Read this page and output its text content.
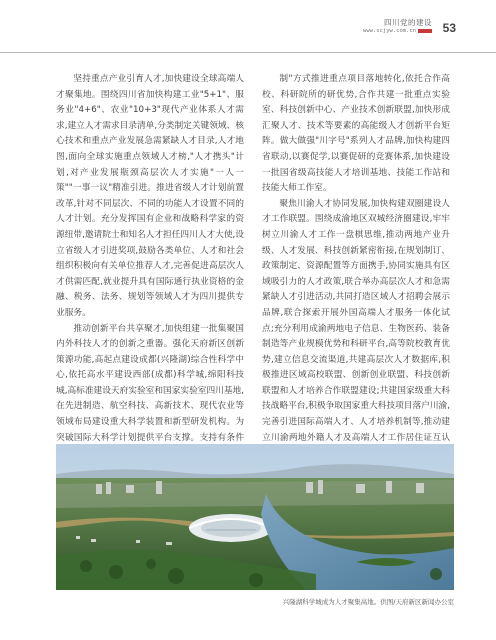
四川党的建设
www.scjyw.com.cn	53

坚持重点产业引育人才,加快建设全球高端人才聚集地。围绕四川省加快构建工业"5+1"、服务业"4+6"、农业"10+3"现代产业体系人才需求,建立人才需求目录清单,分类制定关键领域、核心技术和重点产业发展急需紧缺人才目录,人才地图,面向全球实施重点领域人才榜,"人才携头"计划,对产业发展瓶颈高层次人才实施"一人一策""一事一议"精准引进。推进省级人才计划前置改革,针对不同层次、不同的功能人才设置不同的人才计划。充分发挥国有企业和战略科学家的资源纽带,邀请院士和知名人才担任四川人才大使,设立省级人才引进奖项,鼓励各类单位、人才和社会组织积极向有关单位推荐人才,完善促进高层次人才供需匹配,就业提升具有国际通行执业资格的金融、税务、法务、规划等领域人才为四川提供专业服务。

推动创新平台共享聚才,加快组建一批集聚国内外科技人才的创新之重器。强化天府新区创新策源功能,高起点建设成都(兴隆湖)综合性科学中心,依托高水平建设西部(成都)科学城,绵阳科技城,高标准建设天府实验室和国家实验室四川基地,在先进制造、航空科技、高新技术、现代农业等领域布局建设重大科学装置和新型研发机构。为突破国际大科学计划提供平台支撑。支持有条件

制"方式推进重点项目落地转化,依托合作高校、科研院所的研优势,合作共建一批重点实验室、科技创新中心、产业技术创新联盟,加快形成汇聚人才、技术等要素的高能级人才创新平台矩阵。做大做强"川字号"系列人才品牌,加快构建四省联动,以赛促学,以赛促研的竞赛体系,加快建设一批国省级高技能人才培训基地、技能工作站和技能大师工作室。

聚焦川渝人才协同发展,加快构建双圈建设人才工作联盟。围绕成渝地区双城经济圈建设,牢牢树立川渝人才工作一盘棋思维,推动两地产业升级、人才发展、科技创新紧密衔接,在规划制订、政策制定、资源配置等方面携手,协同实施具有区域吸引力的人才政策,联合举办高层次人才和急需紧缺人才引进活动,共同打造区域人才招聘会展示品牌,联合探索开展外国高端人才服务一体化试点;充分利用成渝两地电子信息、生物医药、装备制造等产业规模优势和科研平台,高等院校教育优势,建立信息交流渠道,共建高层次人才数据库,积极推进区域高校联盟、创新创业联盟、科技创新联盟和人才培养合作联盟建设;共建国家级重大科技战略平台,积极争取国家重大科技项目落户川渝,完善引进国际高端人才、人才培养机制等,推动建立川渝两地外籍人才及高端人才工作居住证互认

兴隆湖科学城成为人才聚集高地。供图/天府新区新闻办公室
